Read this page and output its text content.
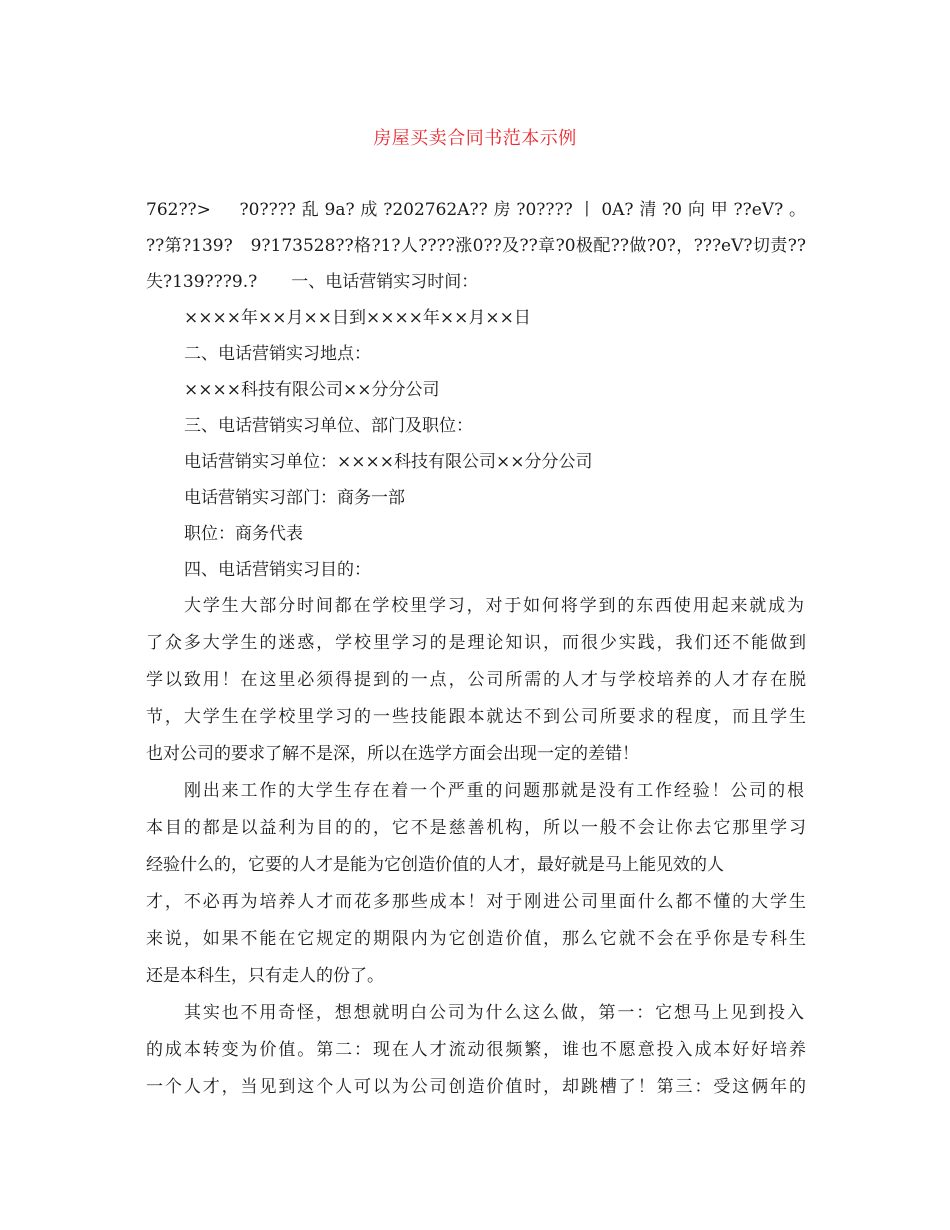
房屋买卖合同书范本示例
762??>　?0????乱9a?成?202762A??房?0????丨0A?清?0向甲??eV?。
??第?139?　9?173528??格?1?人????涨0??及??章?0极配??做?0?，???eV?切责??
失?139???9.?　　一、电话营销实习时间：
××××年××月××日到××××年××月××日
二、电话营销实习地点：
××××科技有限公司××分分公司
三、电话营销实习单位、部门及职位：
电话营销实习单位：××××科技有限公司××分分公司
电话营销实习部门：商务一部
职位：商务代表
四、电话营销实习目的：
大学生大部分时间都在学校里学习，对于如何将学到的东西使用起来就成为
了众多大学生的迷惑，学校里学习的是理论知识，而很少实践，我们还不能做到
学以致用！在这里必须得提到的一点，公司所需的人才与学校培养的人才存在脱
节，大学生在学校里学习的一些技能跟本就达不到公司所要求的程度，而且学生
也对公司的要求了解不是深，所以在选学方面会出现一定的差错！
刚出来工作的大学生存在着一个严重的问题那就是没有工作经验！公司的根
本目的都是以益利为目的的，它不是慈善机构，所以一般不会让你去它那里学习
经验什么的，它要的人才是能为它创造价值的人才，最好就是马上能见效的人
才，不必再为培养人才而花多那些成本！对于刚进公司里面什么都不懂的大学生
来说，如果不能在它规定的期限内为它创造价值，那么它就不会在乎你是专科生
还是本科生，只有走人的份了。
其实也不用奇怪，想想就明白公司为什么这么做，第一：它想马上见到投入
的成本转变为价值。第二：现在人才流动很频繁，谁也不愿意投入成本好好培养
一个人才，当见到这个人可以为公司创造价值时，却跳槽了！第三：受这俩年的
